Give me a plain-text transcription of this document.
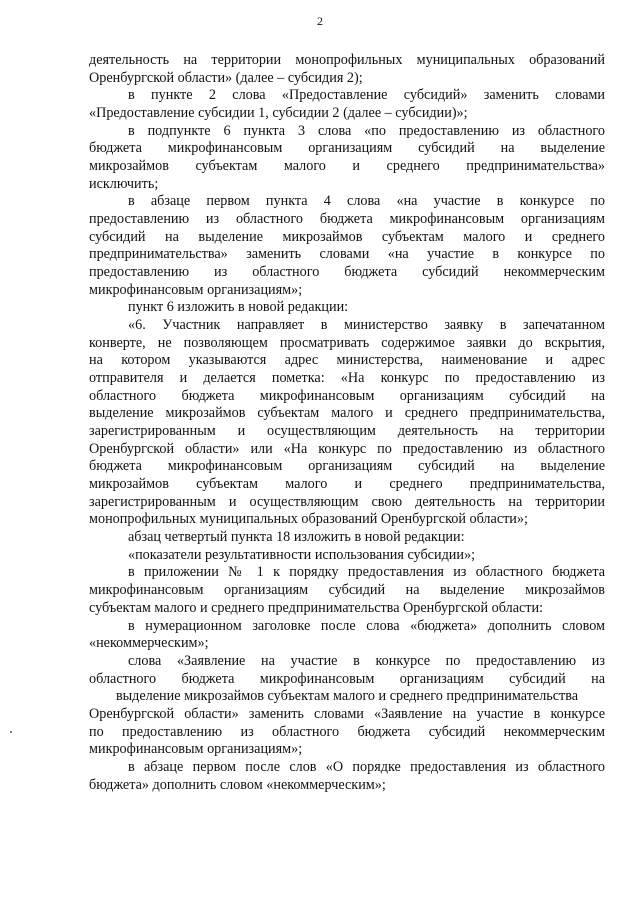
2
деятельность на территории монопрофильных муниципальных образований
Оренбургской области» (далее – субсидия 2);
в пункте 2 слова «Предоставление субсидий» заменить словами
«Предоставление субсидии 1, субсидии 2 (далее – субсидии)»;
в подпункте 6 пункта 3 слова «по предоставлению из областного
бюджета микрофинансовым организациям субсидий на выделение
микрозаймов субъектам малого и среднего предпринимательства»
исключить;
в абзаце первом пункта 4 слова «на участие в конкурсе по
предоставлению из областного бюджета микрофинансовым организациям
субсидий на выделение микрозаймов субъектам малого и среднего
предпринимательства» заменить словами «на участие в конкурсе по
предоставлению из областного бюджета субсидий некоммерческим
микрофинансовым организациям»;
пункт 6 изложить в новой редакции:
«6. Участник направляет в министерство заявку в запечатанном
конверте, не позволяющем просматривать содержимое заявки до вскрытия,
на котором указываются адрес министерства, наименование и адрес
отправителя и делается пометка: «На конкурс по предоставлению из
областного бюджета микрофинансовым организациям субсидий на
выделение микрозаймов субъектам малого и среднего предпринимательства,
зарегистрированным и осуществляющим деятельность на территории
Оренбургской области» или «На конкурс по предоставлению из областного
бюджета микрофинансовым организациям субсидий на выделение
микрозаймов субъектам малого и среднего предпринимательства,
зарегистрированным и осуществляющим свою деятельность на территории
монопрофильных муниципальных образований Оренбургской области»;
абзац четвертый пункта 18 изложить в новой редакции:
«показатели результативности использования субсидии»;
в приложении № 1 к порядку предоставления из областного бюджета
микрофинансовым организациям субсидий на выделение микрозаймов
субъектам малого и среднего предпринимательства Оренбургской области:
в нумерационном заголовке после слова «бюджета» дополнить словом
«некоммерческим»;
слова «Заявление на участие в конкурсе по предоставлению из
областного бюджета микрофинансовым организациям субсидий на
выделение микрозаймов субъектам малого и среднего предпринимательства
Оренбургской области» заменить словами «Заявление на участие в конкурсе
по предоставлению из областного бюджета субсидий некоммерческим
микрофинансовым организациям»;
в абзаце первом после слов «О порядке предоставления из областного
бюджета» дополнить словом «некоммерческим»;
